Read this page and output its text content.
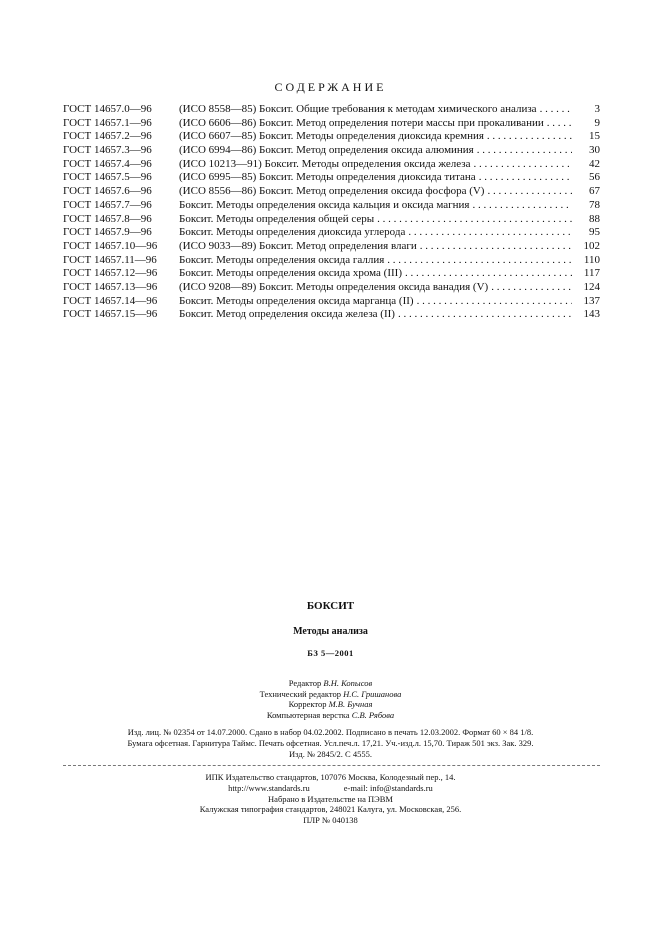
СОДЕРЖАНИЕ
ГОСТ 14657.0—96	(ИСО 8558—85) Боксит. Общие требования к методам химического анализа . . .	3
ГОСТ 14657.1—96	(ИСО 6606—86) Боксит. Метод определения потери массы при прокаливании . . .	9
ГОСТ 14657.2—96	(ИСО 6607—85) Боксит. Методы определения диоксида кремния . . .	15
ГОСТ 14657.3—96	(ИСО 6994—86) Боксит. Метод определения оксида алюминия . . .	30
ГОСТ 14657.4—96	(ИСО 10213—91) Боксит. Методы определения оксида железа . . .	42
ГОСТ 14657.5—96	(ИСО 6995—85) Боксит. Методы определения диоксида титана . . .	56
ГОСТ 14657.6—96	(ИСО 8556—86) Боксит. Метод определения оксида фосфора (V) . . .	67
ГОСТ 14657.7—96	Боксит. Методы определения оксида кальция и оксида магния . . .	78
ГОСТ 14657.8—96	Боксит. Методы определения общей серы . . .	88
ГОСТ 14657.9—96	Боксит. Методы определения диоксида углерода . . .	95
ГОСТ 14657.10—96	(ИСО 9033—89) Боксит. Метод определения влаги . . .	102
ГОСТ 14657.11—96	Боксит. Методы определения оксида галлия . . .	110
ГОСТ 14657.12—96	Боксит. Методы определения оксида хрома (III) . . .	117
ГОСТ 14657.13—96	(ИСО 9208—89) Боксит. Методы определения оксида ванадия (V) . . .	124
ГОСТ 14657.14—96	Боксит. Методы определения оксида марганца (II) . . .	137
ГОСТ 14657.15—96	Боксит. Метод определения оксида железа (II) . . .	143
БОКСИТ
Методы анализа
БЗ 5—2001
Редактор В.Н. Копысов
Технический редактор Н.С. Гришанова
Корректор М.В. Бучная
Компьютерная верстка С.В. Рябова
Изд. лиц. № 02354 от 14.07.2000. Сдано в набор 04.02.2002. Подписано в печать 12.03.2002. Формат 60 × 84 1/8.
Бумага офсетная. Гарнитура Таймс. Печать офсетная. Усл.печ.л. 17,21. Уч.-изд.л. 15,70. Тираж 501 экз. Зак. 329.
Изд. № 2845/2. С 4555.
ИПК Издательство стандартов, 107076 Москва, Колодезный пер., 14.
http://www.standards.ru	e-mail: info@standards.ru
Набрано в Издательстве на ПЭВМ
Калужская типография стандартов, 248021 Калуга, ул. Московская, 256.
ПЛР № 040138
